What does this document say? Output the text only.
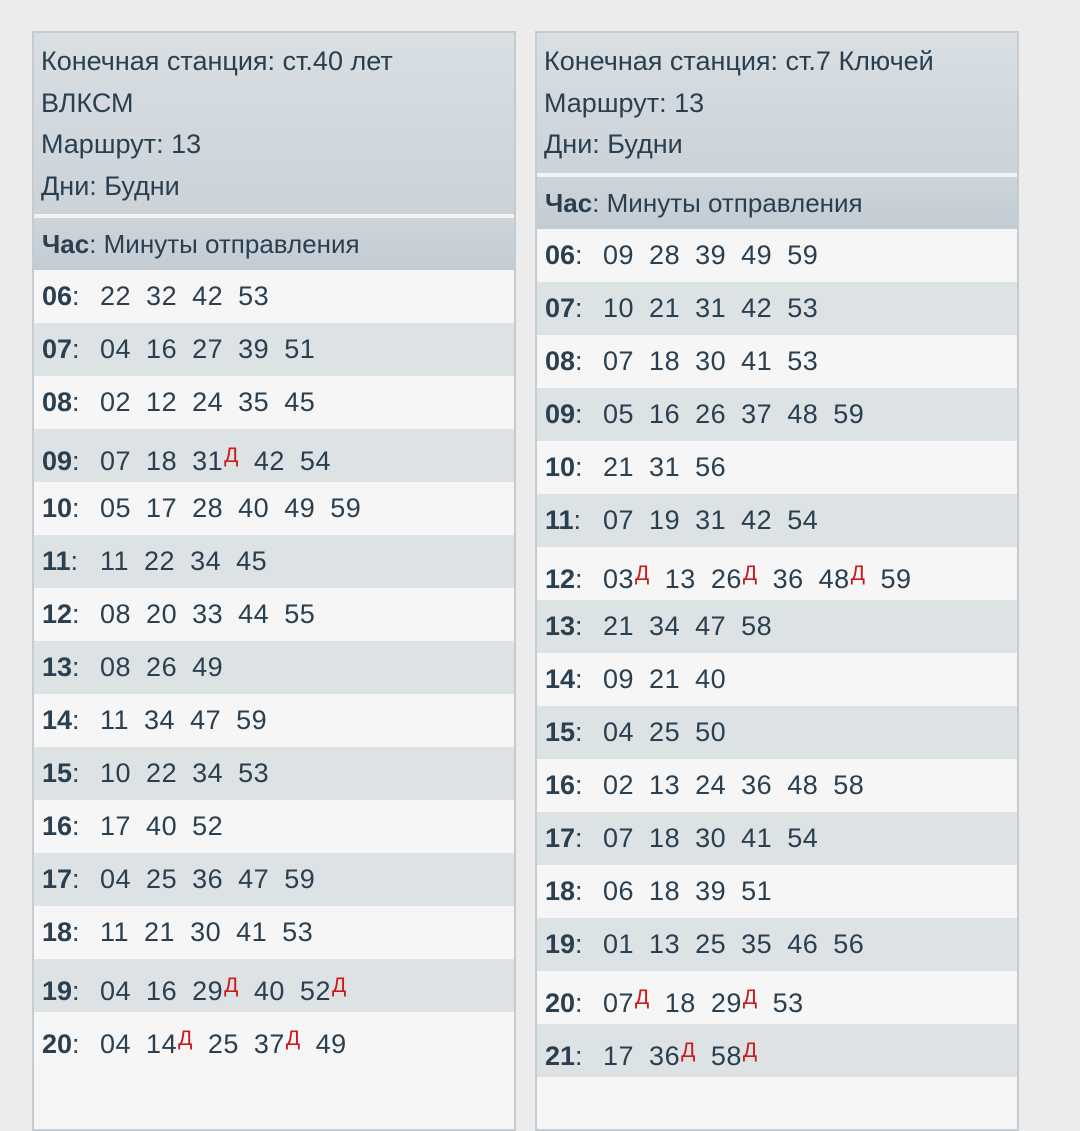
Конечная станция: ст.40 лет
ВЛКСМ
Маршрут: 13
Дни: Будни
Час: Минуты отправления
06: 22 32 42 53
07: 04 16 27 39 51
08: 02 12 24 35 45
09: 07 18 $31^Д$ 42 54
10: 05 17 28 40 49 59
11: 11 22 34 45
12: 08 20 33 44 55
13: 08 26 49
14: 11 34 47 59
15: 10 22 34 53
16: 17 40 52
17: 04 25 36 47 59
18: 11 21 30 41 53
19: 04 16 $29^Д$ 40 $52^Д$
20: 04 $14^Д$ 25 $37^Д$ 49
Конечная станция: ст.7 Ключей
Маршрут: 13
Дни: Будни
Час: Минуты отправления
06: 09 28 39 49 59
07: 10 21 31 42 53
08: 07 18 30 41 53
09: 05 16 26 37 48 59
10: 21 31 56
11: 07 19 31 42 54
12: $03^Д$ 13 $26^Д$ 36 $48^Д$ 59
13: 21 34 47 58
14: 09 21 40
15: 04 25 50
16: 02 13 24 36 48 58
17: 07 18 30 41 54
18: 06 18 39 51
19: 01 13 25 35 46 56
20: $07^Д$ 18 $29^Д$ 53
21: 17 $36^Д$ $58^Д$
